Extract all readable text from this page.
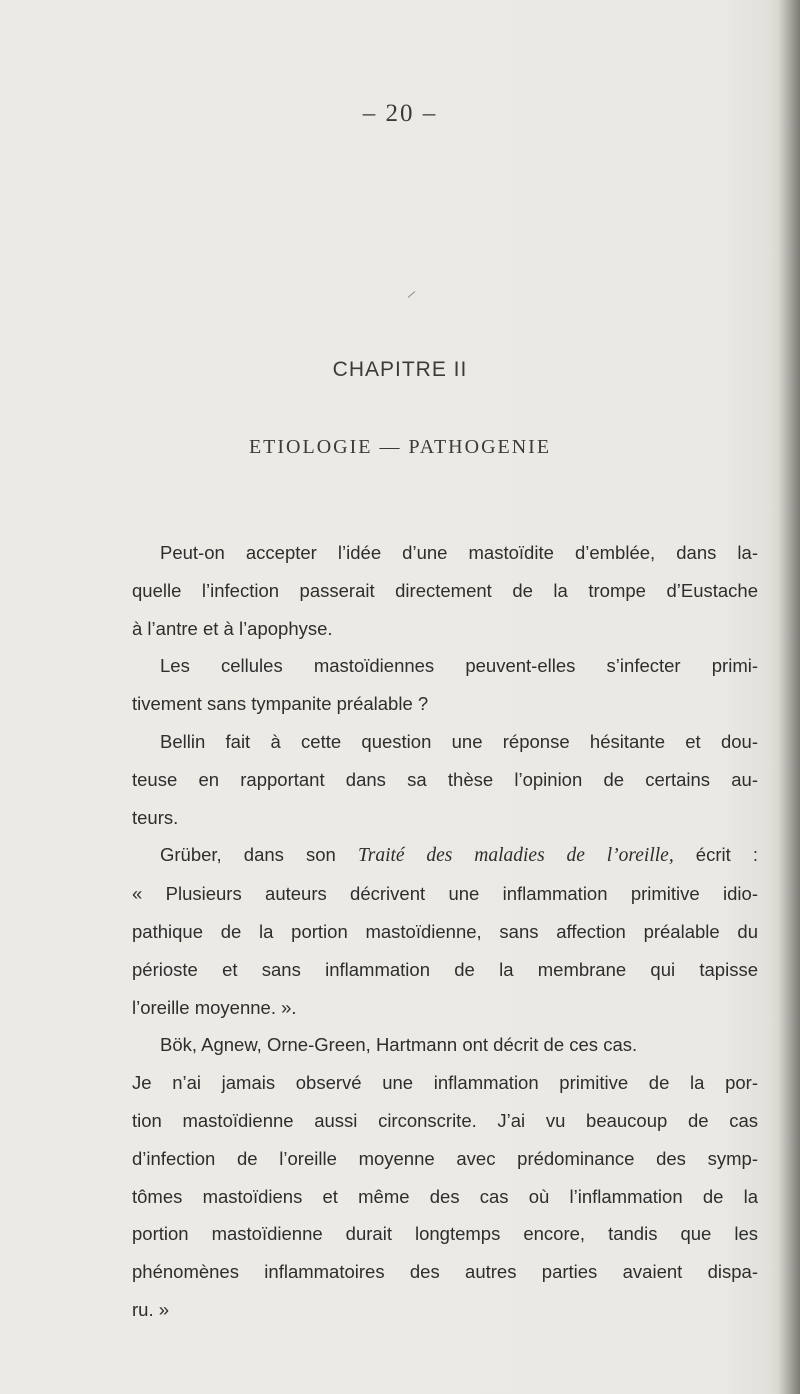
– 20 –
CHAPITRE II
ETIOLOGIE — PATHOGENIE
Peut-on accepter l’idée d’une mastoïdite d’emblée, dans la-
quelle l’infection passerait directement de la trompe d’Eustache
à l’antre et à l’apophyse.
Les cellules mastoïdiennes peuvent-elles s’infecter primi-
tivement sans tympanite préalable ?
Bellin fait à cette question une réponse hésitante et dou-
teuse en rapportant dans sa thèse l’opinion de certains au-
teurs.
Grüber, dans son Traité des maladies de l’oreille, écrit :
« Plusieurs auteurs décrivent une inflammation primitive idio-
pathique de la portion mastoïdienne, sans affection préalable du
périoste et sans inflammation de la membrane qui tapisse
l’oreille moyenne. ».
Bök, Agnew, Orne-Green, Hartmann ont décrit de ces cas.
Je n’ai jamais observé une inflammation primitive de la por-
tion mastoïdienne aussi circonscrite. J’ai vu beaucoup de cas
d’infection de l’oreille moyenne avec prédominance des symp-
tômes mastoïdiens et même des cas où l’inflammation de la
portion mastoïdienne durait longtemps encore, tandis que les
phénomènes inflammatoires des autres parties avaient dispa-
ru. »
